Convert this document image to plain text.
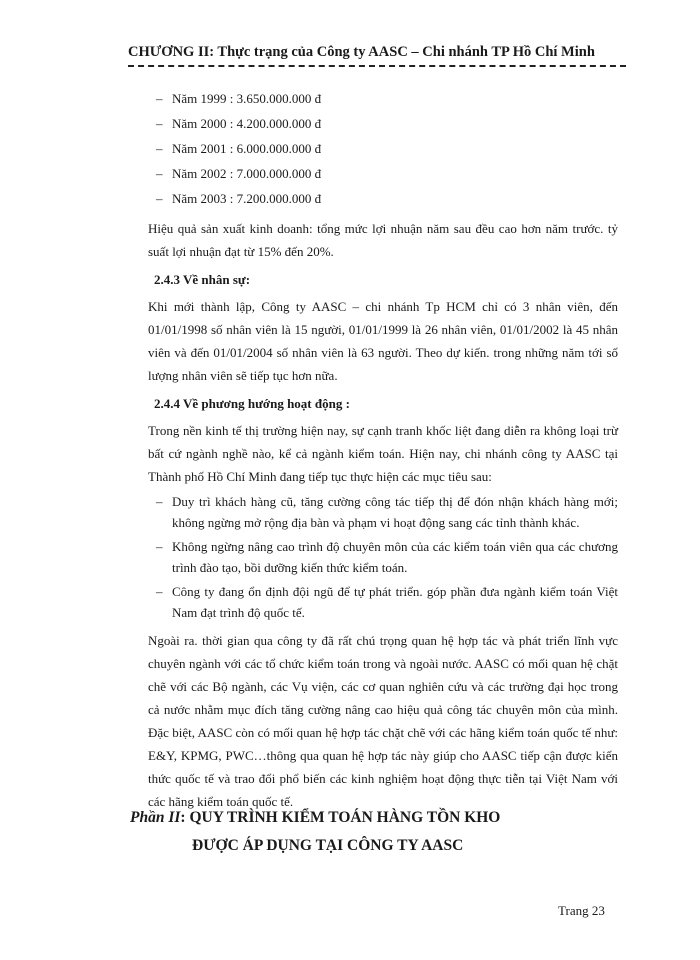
CHƯƠNG II: Thực trạng của Công ty AASC – Chi nhánh TP Hồ Chí Minh
– Năm 1999 : 3.650.000.000 đ
– Năm 2000 : 4.200.000.000 đ
– Năm 2001 : 6.000.000.000 đ
– Năm 2002 : 7.000.000.000 đ
– Năm 2003 : 7.200.000.000 đ

Hiệu quả sản xuất kinh doanh: tổng mức lợi nhuận năm sau đều cao hơn năm trước. tỷ suất lợi nhuận đạt từ 15% đến 20%.

2.4.3 Về nhân sự:

Khi mới thành lập, Công ty AASC – chi nhánh Tp HCM chỉ có 3 nhân viên, đến 01/01/1998 số nhân viên là 15 người, 01/01/1999 là 26 nhân viên, 01/01/2002 là 45 nhân viên và đến 01/01/2004 số nhân viên là 63 người. Theo dự kiến. trong những năm tới số lượng nhân viên sẽ tiếp tục hơn nữa.

2.4.4 Về phương hướng hoạt động :

Trong nền kinh tế thị trường hiện nay, sự cạnh tranh khốc liệt đang diễn ra không loại trừ bất cứ ngành nghề nào, kể cả ngành kiểm toán. Hiện nay, chi nhánh công ty AASC tại Thành phố Hồ Chí Minh đang tiếp tục thực hiện các mục tiêu sau:

– Duy trì khách hàng cũ, tăng cường công tác tiếp thị để đón nhận khách hàng mới; không ngừng mở rộng địa bàn và phạm vi hoạt động sang các tỉnh thành khác.
– Không ngừng nâng cao trình độ chuyên môn của các kiểm toán viên qua các chương trình đào tạo, bồi dưỡng kiến thức kiểm toán.
– Công ty đang ổn định đội ngũ để tự phát triển. góp phần đưa ngành kiểm toán Việt Nam đạt trình độ quốc tế.

Ngoài ra. thời gian qua công ty đã rất chú trọng quan hệ hợp tác và phát triển lĩnh vực chuyên ngành với các tổ chức kiểm toán trong và ngoài nước. AASC có mối quan hệ chặt chẽ với các Bộ ngành, các Vụ viện, các cơ quan nghiên cứu và các trường đại học trong cả nước nhằm mục đích tăng cường nâng cao hiệu quả công tác chuyên môn của mình. Đặc biệt, AASC còn có mối quan hệ hợp tác chặt chẽ với các hãng kiểm toán quốc tế như: E&Y, KPMG, PWC…thông qua quan hệ hợp tác này giúp cho AASC tiếp cận được kiến thức quốc tế và trao đổi phổ biến các kinh nghiệm hoạt động thực tiễn tại Việt Nam với các hãng kiểm toán quốc tế.

Phần II: QUY TRÌNH KIỂM TOÁN HÀNG TỒN KHO
ĐƯỢC ÁP DỤNG TẠI CÔNG TY AASC
Trang 23
